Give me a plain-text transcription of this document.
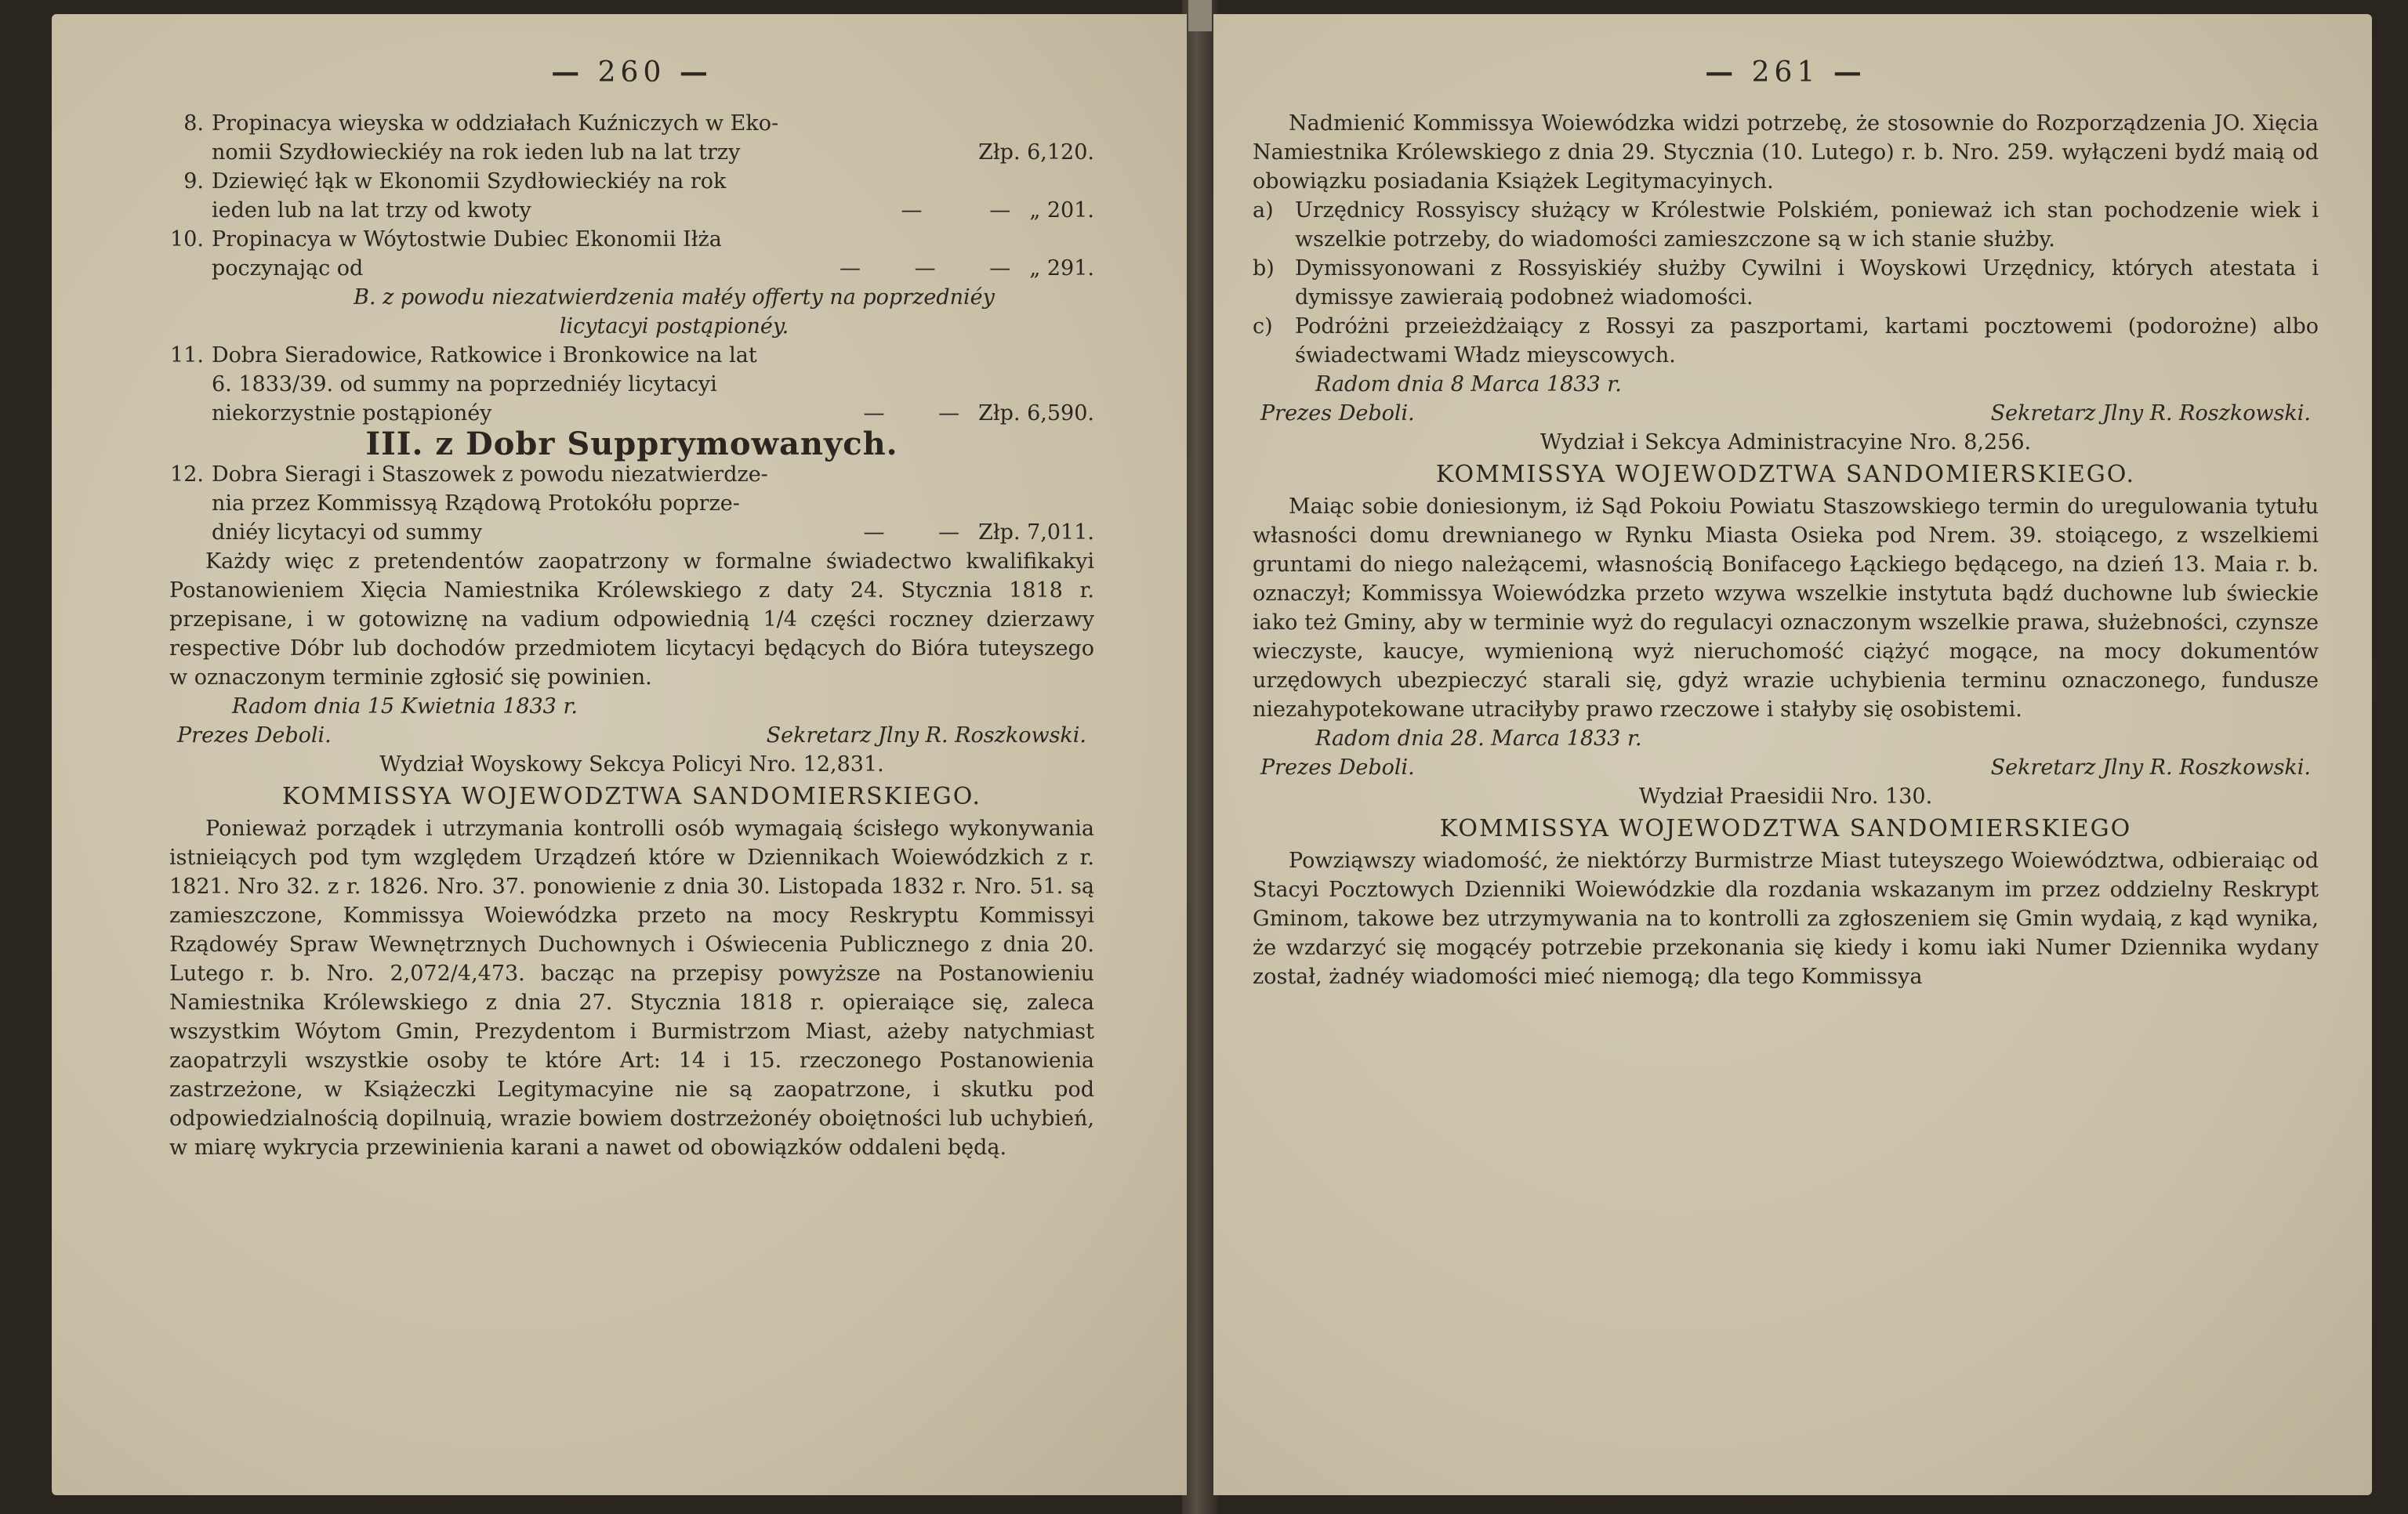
— 260 —
8. Propinacya wieyska w oddziałach Kuźniczych w Eko-
nomii Szydłowieckiéy na rok ieden lub na lat trzy	Złp. 6,120.
9. Dziewięć łąk w Ekonomii Szydłowieckiéy na rok
ieden lub na lat trzy od kwoty	—          — „ 201.
10. Propinacya w Wóytostwie Dubiec Ekonomii Iłża
poczynając od	—        —        — „ 291.
B. z powodu niezatwierdzenia małéy offerty na poprzedniéy
licytacyi postąpionéy.
11. Dobra Sieradowice, Ratkowice i Bronkowice na lat
6. 1833/39. od summy na poprzedniéy licytacyi
niekorzystnie postąpionéy	—        — Złp. 6,590.
III. z Dobr Supprymowanych.
12. Dobra Sieragi i Staszowek z powodu niezatwierdze-
nia przez Kommissyą Rządową Protokółu poprze-
dniéy licytacyi od summy	—        — Złp. 7,011.

Każdy więc z pretendentów zaopatrzony w formalne świadectwo kwalifikakyi Postanowieniem Xięcia Namiestnika Królewskiego z daty 24. Stycznia 1818 r. przepisane, i w gotowiznę na vadium odpowiednią 1/4 części roczney dzierzawy respective Dóbr lub dochodów przedmiotem licytacyi będących do Bióra tuteyszego w oznaczonym terminie zgłosić się powinien.

Radom dnia 15 Kwietnia 1833 r.
Prezes Deboli.	Sekretarz Jlny R. Roszkowski.
Wydział Woyskowy Sekcya Policyi Nro. 12,831.
KOMMISSYA WOJEWODZTWA SANDOMIERSKIEGO.

Ponieważ porządek i utrzymania kontrolli osób wymagaią ścisłego wykonywania istnieiących pod tym względem Urządzeń które w Dziennikach Woiewódzkich z r. 1821. Nro 32. z r. 1826. Nro. 37. ponowienie z dnia 30. Listopada 1832 r. Nro. 51. są zamieszczone, Kommissya Woiewódzka przeto na mocy Reskryptu Kommissyi Rządowéy Spraw Wewnętrznych Duchownych i Oświecenia Publicznego z dnia 20. Lutego r. b. Nro. 2,072/4,473. bacząc na przepisy powyższe na Postanowieniu Namiestnika Królewskiego z dnia 27. Stycznia 1818 r. opieraiące się, zaleca wszystkim Wóytom Gmin, Prezydentom i Burmistrzom Miast, ażeby natychmiast zaopatrzyli wszystkie osoby te które Art: 14 i 15. rzeczonego Postanowienia zastrzeżone, w Książeczki Legitymacyine nie są zaopatrzone, i skutku pod odpowiedzialnością dopilnuią, wrazie bowiem dostrzeżonéy oboiętności lub uchybień, w miarę wykrycia przewinienia karani a nawet od obowiązków oddaleni będą.

— 261 —

Nadmienić Kommissya Woiewódzka widzi potrzebę, że stosownie do Rozporządzenia JO. Xięcia Namiestnika Królewskiego z dnia 29. Stycznia (10. Lutego) r. b. Nro. 259. wyłączeni bydź maią od obowiązku posiadania Książek Legitymacyinych.

a)	Urzędnicy Rossyiscy służący w Królestwie Polskiém, ponieważ ich stan pochodzenie wiek i wszelkie potrzeby, do wiadomości zamieszczone są w ich stanie służby.
b) Dymissyonowani z Rossyiskiéy służby Cywilni i Woyskowi Urzędnicy, których atestata i dymissye zawieraią podobneż wiadomości.
c)	Podróżni przeieżdżaiący z Rossyi za paszportami, kartami pocztowemi (podorożne) albo świadectwami Władz mieyscowych.
Radom dnia 8 Marca 1833 r.
Prezes Deboli.	Sekretarz Jlny R. Roszkowski.
Wydział i Sekcya Administracyine Nro. 8,256.
KOMMISSYA WOJEWODZTWA SANDOMIERSKIEGO.

Maiąc sobie doniesionym, iż Sąd Pokoiu Powiatu Staszowskiego termin do uregulowania tytułu własności domu drewnianego w Rynku Miasta Osieka pod Nrem. 39. stoiącego, z wszelkiemi gruntami do niego należącemi, własnością Bonifacego Łąckiego będącego, na dzień 13. Maia r. b. oznaczył; Kommissya Woiewódzka przeto wzywa wszelkie instytuta bądź duchowne lub świeckie iako też Gminy, aby w terminie wyż do regulacyi oznaczonym wszelkie prawa, służebności, czynsze wieczyste, kaucye, wymienioną wyż nieruchomość ciążyć mogące, na mocy dokumentów urzędowych ubezpieczyć starali się, gdyż wrazie uchybienia terminu oznaczonego, fundusze niezahypotekowane utraciłyby prawo rzeczowe i stałyby się osobistemi.

Radom dnia 28. Marca 1833 r.
Prezes Deboli.	Sekretarz Jlny R. Roszkowski.
Wydział Praesidii Nro. 130.
KOMMISSYA WOJEWODZTWA SANDOMIERSKIEGO

Powziąwszy wiadomość, że niektórzy Burmistrze Miast tuteyszego Woiewództwa, odbieraiąc od Stacyi Pocztowych Dzienniki Woiewódzkie dla rozdania wskazanym im przez oddzielny Reskrypt Gminom, takowe bez utrzymywania na to kontrolli za zgłoszeniem się Gmin wydaią, z kąd wynika, że wzdarzyć się mogącéy potrzebie przekonania się kiedy i komu iaki Numer Dziennika wydany został, żadnéy wiadomości mieć niemogą; dla tego Kommissya
